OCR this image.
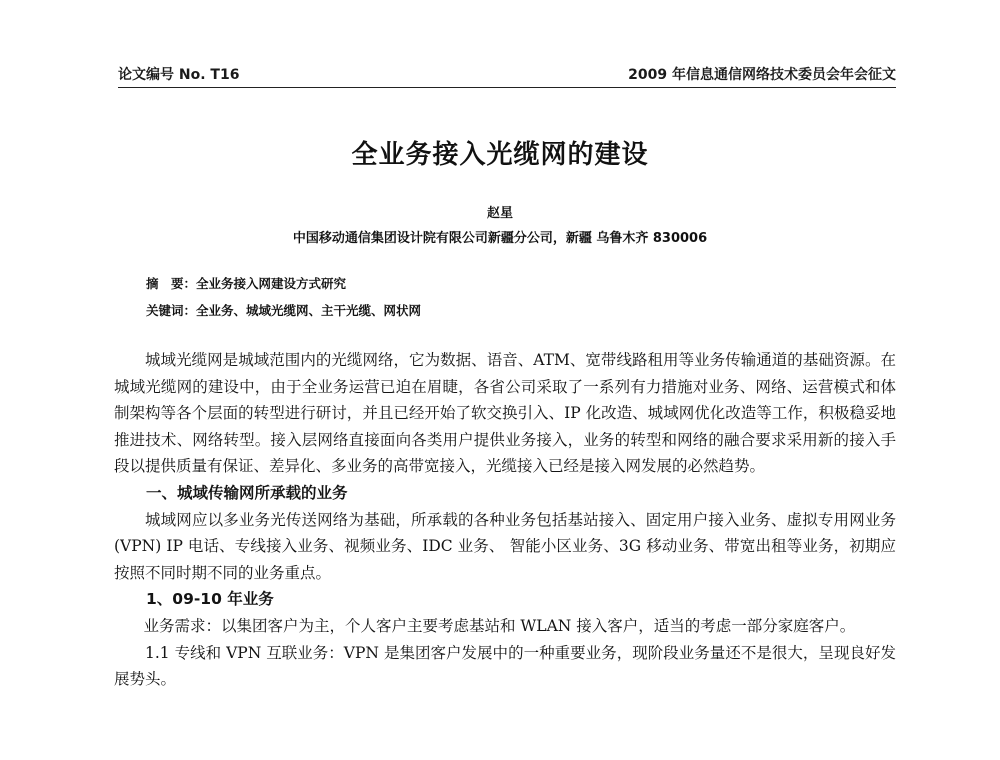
论文编号 No. T16	2009 年信息通信网络技术委员会年会征文
全业务接入光缆网的建设
赵星
中国移动通信集团设计院有限公司新疆分公司，新疆 乌鲁木齐 830006
摘　要：全业务接入网建设方式研究
关键词：全业务、城域光缆网、主干光缆、网状网

城域光缆网是城域范围内的光缆网络，它为数据、语音、ATM、宽带线路租用等业务传输通道的基础资源。在城域光缆网的建设中，由于全业务运营已迫在眉睫，各省公司采取了一系列有力措施对业务、网络、运营模式和体制架构等各个层面的转型进行研讨，并且已经开始了软交换引入、IP 化改造、城域网优化改造等工作，积极稳妥地推进技术、网络转型。接入层网络直接面向各类用户提供业务接入，业务的转型和网络的融合要求采用新的接入手段以提供质量有保证、差异化、多业务的高带宽接入，光缆接入已经是接入网发展的必然趋势。

一、城域传输网所承载的业务

城域网应以多业务光传送网络为基础，所承载的各种业务包括基站接入、固定用户接入业务、虚拟专用网业务 (VPN) IP 电话、专线接入业务、视频业务、IDC 业务、 智能小区业务、3G 移动业务、带宽出租等业务，初期应按照不同时期不同的业务重点。

1、09-10 年业务

业务需求：以集团客户为主，个人客户主要考虑基站和 WLAN 接入客户，适当的考虑一部分家庭客户。

1.1 专线和 VPN 互联业务：VPN 是集团客户发展中的一种重要业务，现阶段业务量还不是很大，呈现良好发展势头。
